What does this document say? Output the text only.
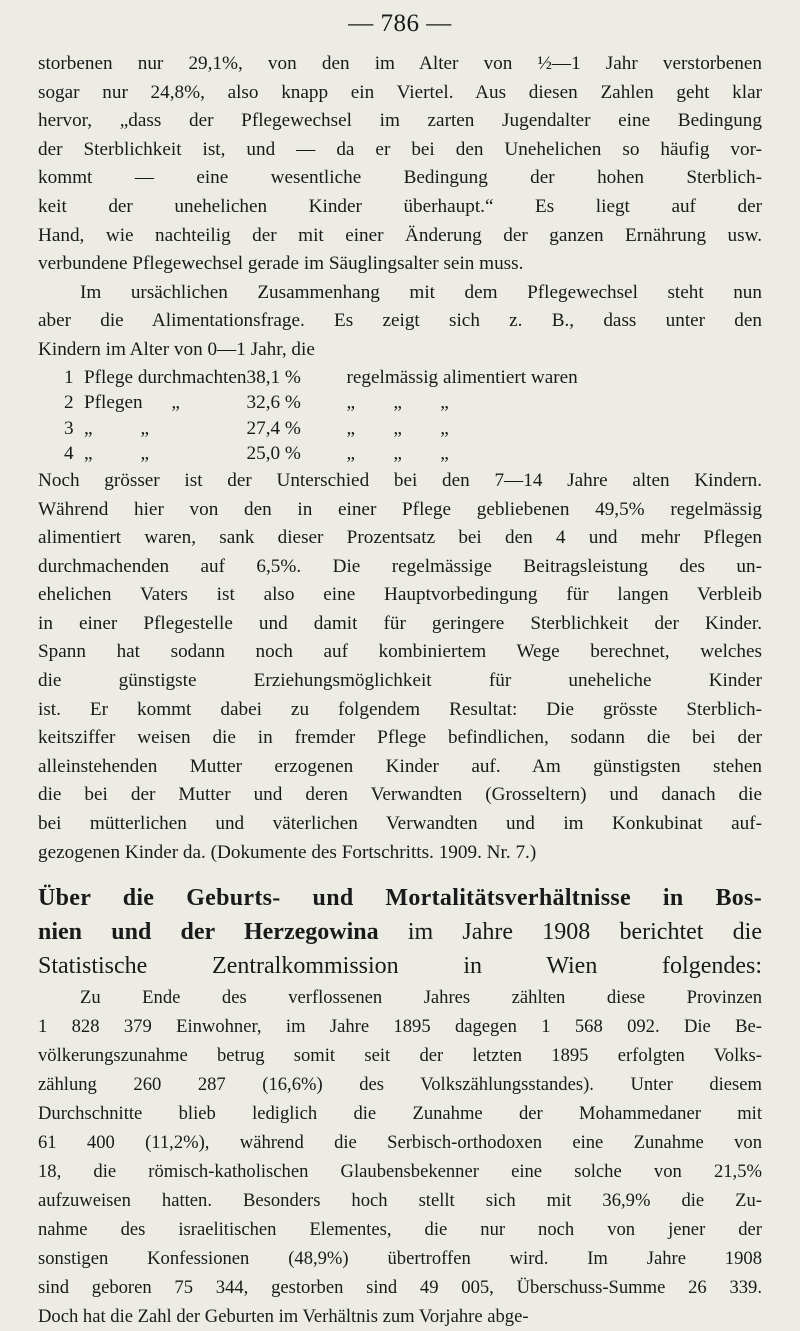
— 786 —
storbenen nur 29,1%, von den im Alter von ½—1 Jahr verstorbenen
sogar nur 24,8%, also knapp ein Viertel. Aus diesen Zahlen geht klar
hervor, „dass der Pflegewechsel im zarten Jugendalter eine Bedingung
der Sterblichkeit ist, und — da er bei den Unehelichen so häufig vor-
kommt — eine wesentliche Bedingung der hohen Sterblich-
keit der unehelichen Kinder überhaupt.“ Es liegt auf der
Hand, wie nachteilig der mit einer Änderung der ganzen Ernährung usw.
verbundene Pflegewechsel gerade im Säuglingsalter sein muss.
Im ursächlichen Zusammenhang mit dem Pflegewechsel steht nun
aber die Alimentationsfrage. Es zeigt sich z. B., dass unter den
Kindern im Alter von 0—1 Jahr, die
1	Pflege durchmachten	38,1 %	regelmässig alimentiert waren
2	Pflegen      „	32,6 %	„        „        „
3	„          „	27,4 %	„        „        „
4	„          „	25,0 %	„        „        „
Noch grösser ist der Unterschied bei den 7—14 Jahre alten Kindern.
Während hier von den in einer Pflege gebliebenen 49,5% regelmässig
alimentiert waren, sank dieser Prozentsatz bei den 4 und mehr Pflegen
durchmachenden auf 6,5%. Die regelmässige Beitragsleistung des un-
ehelichen Vaters ist also eine Hauptvorbedingung für langen Verbleib
in einer Pflegestelle und damit für geringere Sterblichkeit der Kinder.
Spann hat sodann noch auf kombiniertem Wege berechnet, welches
die günstigste Erziehungsmöglichkeit für uneheliche Kinder
ist. Er kommt dabei zu folgendem Resultat: Die grösste Sterblich-
keitsziffer weisen die in fremder Pflege befindlichen, sodann die bei der
alleinstehenden Mutter erzogenen Kinder auf. Am günstigsten stehen
die bei der Mutter und deren Verwandten (Grosseltern) und danach die
bei mütterlichen und väterlichen Verwandten und im Konkubinat auf-
gezogenen Kinder da. (Dokumente des Fortschritts. 1909. Nr. 7.)
Über die Geburts- und Mortalitätsverhältnisse in Bos-
nien und der Herzegowina im Jahre 1908 berichtet die
Statistische Zentralkommission in Wien folgendes:
Zu Ende des verflossenen Jahres zählten diese Provinzen
1 828 379 Einwohner, im Jahre 1895 dagegen 1 568 092. Die Be-
völkerungszunahme betrug somit seit der letzten 1895 erfolgten Volks-
zählung 260 287 (16,6%) des Volkszählungsstandes). Unter diesem
Durchschnitte blieb lediglich die Zunahme der Mohammedaner mit
61 400 (11,2%), während die Serbisch-orthodoxen eine Zunahme von
18, die römisch-katholischen Glaubensbekenner eine solche von 21,5%
aufzuweisen hatten. Besonders hoch stellt sich mit 36,9% die Zu-
nahme des israelitischen Elementes, die nur noch von jener der
sonstigen Konfessionen (48,9%) übertroffen wird. Im Jahre 1908
sind geboren 75 344, gestorben sind 49 005, Überschuss-Summe 26 339.
Doch hat die Zahl der Geburten im Verhältnis zum Vorjahre abge-
